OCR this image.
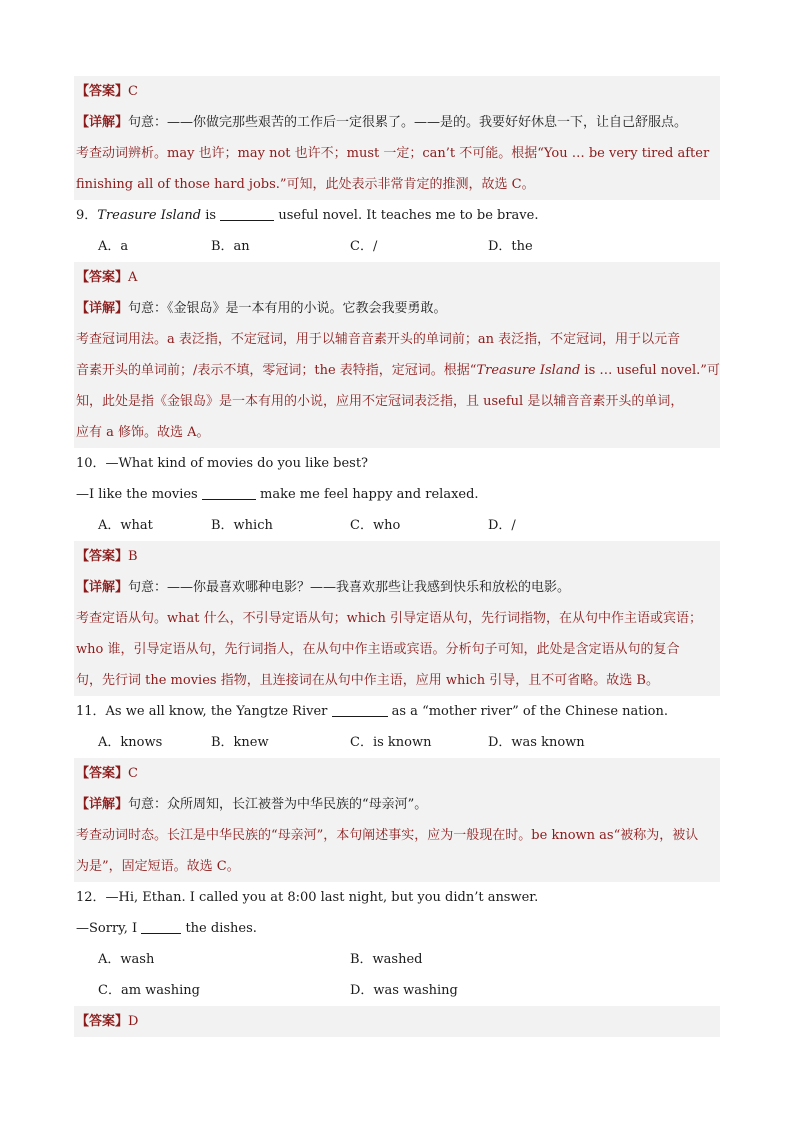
【答案】C
【详解】句意：——你做完那些艰苦的工作后一定很累了。——是的。我要好好休息一下，让自己舒服点。
考查动词辨析。may 也许；may not 也许不；must 一定；can’t 不可能。根据“You … be very tired after
finishing all of those hard jobs.”可知，此处表示非常肯定的推测，故选 C。
9．Treasure Island is	useful novel. It teaches me to be brave.
A．a	B．an	C．/	D．the
【答案】A
【详解】句意：《金银岛》是一本有用的小说。它教会我要勇敢。
考查冠词用法。a 表泛指，不定冠词，用于以辅音音素开头的单词前；an 表泛指，不定冠词，用于以元音
音素开头的单词前；/表示不填，零冠词；the 表特指，定冠词。根据“Treasure Island is … useful novel.”可
知，此处是指《金银岛》是一本有用的小说，应用不定冠词表泛指，且 useful 是以辅音音素开头的单词，
应有 a 修饰。故选 A。
10．—What kind of movies do you like best?
—I like the movies	make me feel happy and relaxed.
A．what	B．which	C．who	D．/
【答案】B
【详解】句意：——你最喜欢哪种电影？——我喜欢那些让我感到快乐和放松的电影。
考查定语从句。what 什么，不引导定语从句；which 引导定语从句，先行词指物，在从句中作主语或宾语；
who 谁，引导定语从句，先行词指人，在从句中作主语或宾语。分析句子可知，此处是含定语从句的复合
句，先行词 the movies 指物，且连接词在从句中作主语，应用 which 引导，且不可省略。故选 B。
11．As we all know, the Yangtze River	as a “mother river” of the Chinese nation.
A．knows	B．knew	C．is known	D．was known
【答案】C
【详解】句意：众所周知，长江被誉为中华民族的“母亲河”。
考查动词时态。长江是中华民族的“母亲河”，本句阐述事实，应为一般现在时。be known as“被称为，被认
为是”，固定短语。故选 C。
12．—Hi, Ethan. I called you at 8:00 last night, but you didn’t answer.
—Sorry, I	the dishes.
A．wash	B．washed
C．am washing	D．was washing
【答案】D
